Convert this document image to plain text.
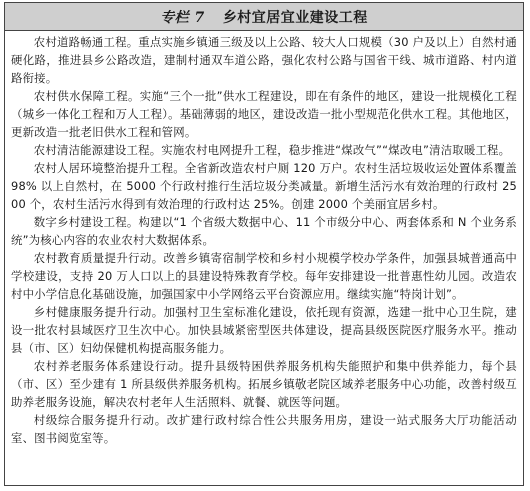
专栏 7 乡村宜居宜业建设工程

农村道路畅通工程。重点实施乡镇通三级及以上公路、较大人口规模（30 户及以上）自然村通硬化路，推进县乡公路改造，建制村通双车道公路，强化农村公路与国省干线、城市道路、村内道路衔接。

农村供水保障工程。实施“三个一批”供水工程建设，即在有条件的地区，建设一批规模化工程（城乡一体化工程和万人工程）。基础薄弱的地区，建设改造一批小型规范化供水工程。其他地区，更新改造一批老旧供水工程和管网。

农村清洁能源建设工程。实施农村电网提升工程，稳步推进“煤改气”“煤改电”清洁取暖工程。

农村人居环境整治提升工程。全省新改造农村户厕 120 万户。农村生活垃圾收运处置体系覆盖 98% 以上自然村，在 5000 个行政村推行生活垃圾分类减量。新增生活污水有效治理的行政村 2500 个，农村生活污水得到有效治理的行政村达 25%。创建 2000 个美丽宜居乡村。

数字乡村建设工程。构建以“1 个省级大数据中心、11 个市级分中心、两套体系和 N 个业务系统”为核心内容的农业农村大数据体系。

农村教育质量提升行动。改善乡镇寄宿制学校和乡村小规模学校办学条件，加强县城普通高中学校建设，支持 20 万人口以上的县建设特殊教育学校。每年安排建设一批普惠性幼儿园。改造农村中小学信息化基础设施，加强国家中小学网络云平台资源应用。继续实施“特岗计划”。

乡村健康服务提升行动。加强村卫生室标准化建设，依托现有资源，选建一批中心卫生院，建设一批农村县域医疗卫生次中心。加快县域紧密型医共体建设，提高县级医院医疗服务水平。推动县（市、区）妇幼保健机构提高服务能力。

农村养老服务体系建设行动。提升县级特困供养服务机构失能照护和集中供养能力，每个县（市、区）至少建有 1 所县级供养服务机构。拓展乡镇敬老院区域养老服务中心功能，改善村级互助养老服务设施，解决农村老年人生活照料、就餐、就医等问题。

村级综合服务提升行动。改扩建行政村综合性公共服务用房，建设一站式服务大厅功能活动室、图书阅览室等。
